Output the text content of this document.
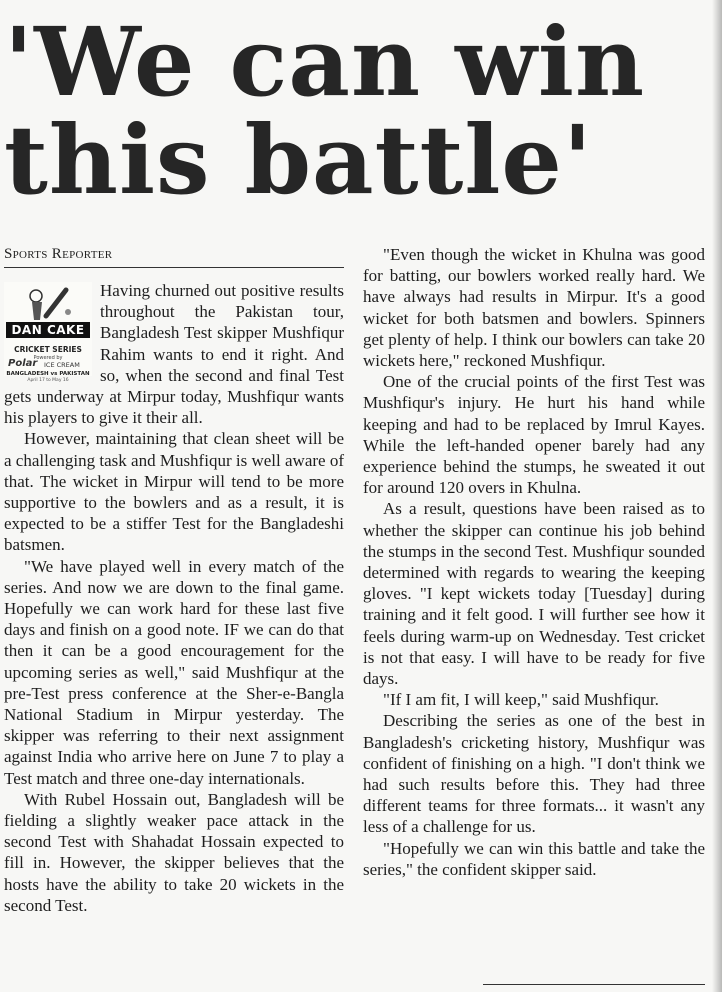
'We can win this battle'
Sports Reporter
DAN CAKE
CRICKET SERIES
Powered by
Polar ICE CREAM
BANGLADESH vs PAKISTAN
April 17 to May 16

Having churned out positive results throughout the Pakistan tour, Bangladesh Test skipper Mushfiqur Rahim wants to end it right. And so, when the second and final Test gets underway at Mirpur today, Mushfiqur wants his players to give it their all.

However, maintaining that clean sheet will be a challenging task and Mushfiqur is well aware of that. The wicket in Mirpur will tend to be more supportive to the bowlers and as a result, it is expected to be a stiffer Test for the Bangladeshi batsmen.

"We have played well in every match of the series. And now we are down to the final game. Hopefully we can work hard for these last five days and finish on a good note. IF we can do that then it can be a good encouragement for the upcoming series as well," said Mushfiqur at the pre-Test press conference at the Sher-e-Bangla National Stadium in Mirpur yesterday. The skipper was referring to their next assignment against India who arrive here on June 7 to play a Test match and three one-day internationals.

With Rubel Hossain out, Bangladesh will be fielding a slightly weaker pace attack in the second Test with Shahadat Hossain expected to fill in. However, the skipper believes that the hosts have the ability to take 20 wickets in the second Test.

"Even though the wicket in Khulna was good for batting, our bowlers worked really hard. We have always had results in Mirpur. It's a good wicket for both batsmen and bowlers. Spinners get plenty of help. I think our bowlers can take 20 wickets here," reckoned Mushfiqur.

One of the crucial points of the first Test was Mushfiqur's injury. He hurt his hand while keeping and had to be replaced by Imrul Kayes. While the left-handed opener barely had any experience behind the stumps, he sweated it out for around 120 overs in Khulna.

As a result, questions have been raised as to whether the skipper can continue his job behind the stumps in the second Test. Mushfiqur sounded determined with regards to wearing the keeping gloves. "I kept wickets today [Tuesday] during training and it felt good. I will further see how it feels during warm-up on Wednesday. Test cricket is not that easy. I will have to be ready for five days.

"If I am fit, I will keep," said Mushfiqur.

Describing the series as one of the best in Bangladesh's cricketing history, Mushfiqur was confident of finishing on a high. "I don't think we had such results before this. They had three different teams for three formats... it wasn't any less of a challenge for us.

"Hopefully we can win this battle and take the series," the confident skipper said.
